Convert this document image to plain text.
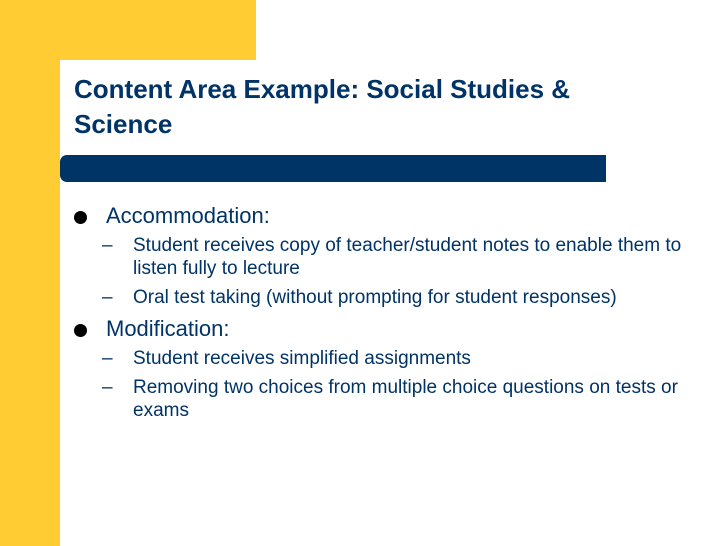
Content Area Example: Social Studies & Science
Accommodation:
– Student receives copy of teacher/student notes to enable them to listen fully to lecture
– Oral test taking (without prompting for student responses)
Modification:
– Student receives simplified assignments
– Removing two choices from multiple choice questions on tests or exams
